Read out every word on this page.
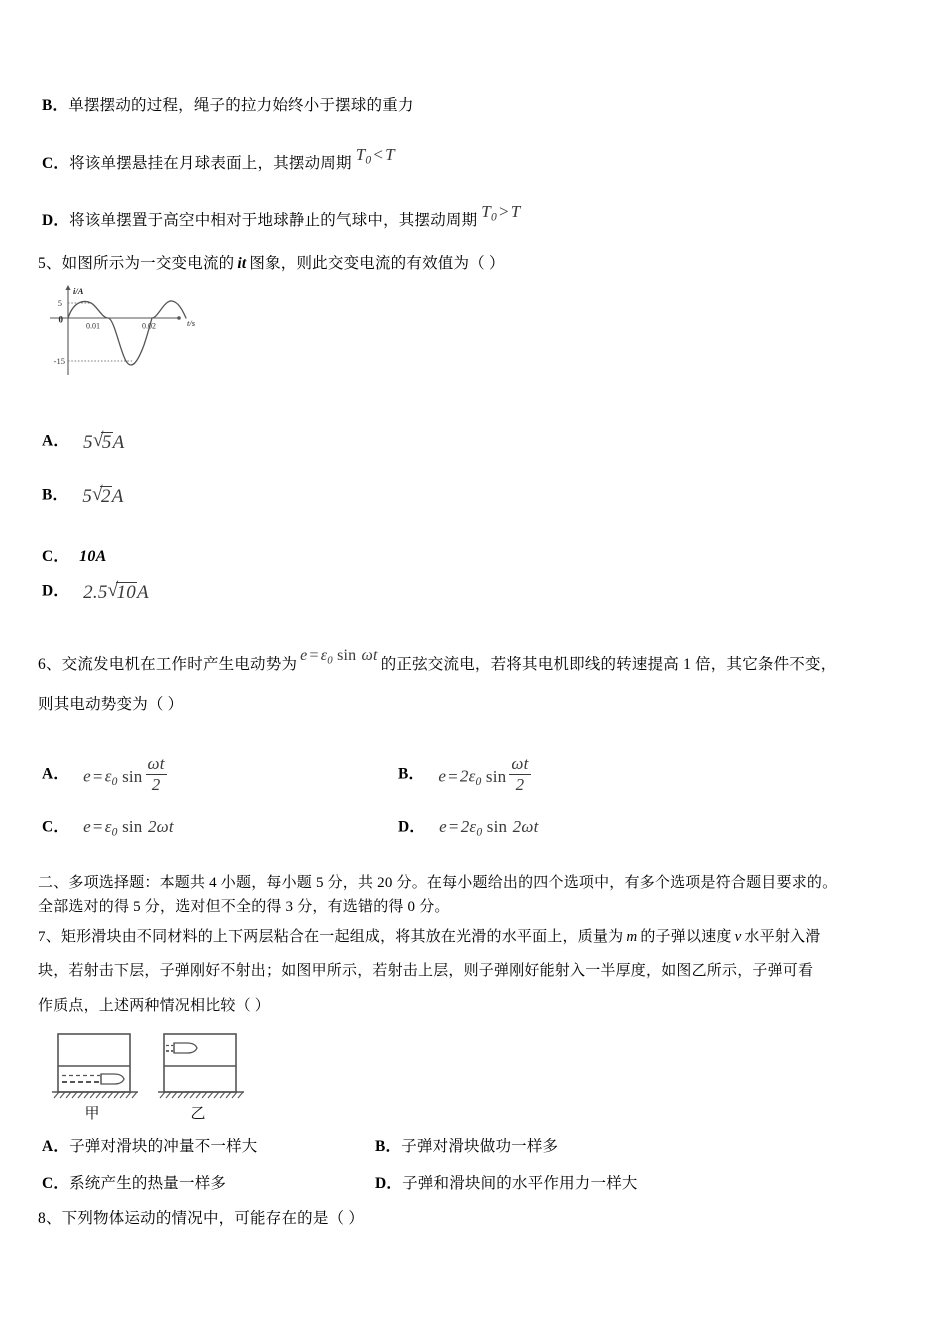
B．单摆摆动的过程，绳子的拉力始终小于摆球的重力
C．将该单摆悬挂在月球表面上，其摆动周期 $T_0 < T$
D．将该单摆置于高空中相对于地球静止的气球中，其摆动周期 $T_0 > T$
5、如图所示为一交变电流的 it 图象，则此交变电流的有效值为（ ）
5
0
-15
0.01	0.02
i/A
t/s
A． 5 √ 5A
B． 5 √ 2A
C． 10A
D． 2.5 √ 10A
6、交流发电机在工作时产生电动势为$e = \varepsilon_0$ sin ωt的正弦交流电，若将其电机即线的转速提高 1 倍，其它条件不变，
则其电动势变为（ ）
A． $e = \varepsilon_0$ $\sin \frac{\omega t}{2}$	B． $e = 2\varepsilon_0$ $\sin \frac{\omega t}{2}$
C． $e = \varepsilon_0$ sin 2ωt	D． $e = 2\varepsilon_0$ sin 2ωt
二、多项选择题：本题共 4 小题，每小题 5 分，共 20 分。在每小题给出的四个选项中，有多个选项是符合题目要求的。
全部选对的得 5 分，选对但不全的得 3 分，有选错的得 0 分。
7、矩形滑块由不同材料的上下两层粘合在一起组成，将其放在光滑的水平面上，质量为 m 的子弹以速度 v 水平射入滑
块，若射击下层，子弹刚好不射出；如图甲所示，若射击上层，则子弹刚好能射入一半厚度，如图乙所示，子弹可看
作质点，上述两种情况相比较（ ）
甲	乙
A．子弹对滑块的冲量不一样大	B．子弹对滑块做功一样多
C．系统产生的热量一样多	D．子弹和滑块间的水平作用力一样大
8、下列物体运动的情况中，可能存在的是（ ）
